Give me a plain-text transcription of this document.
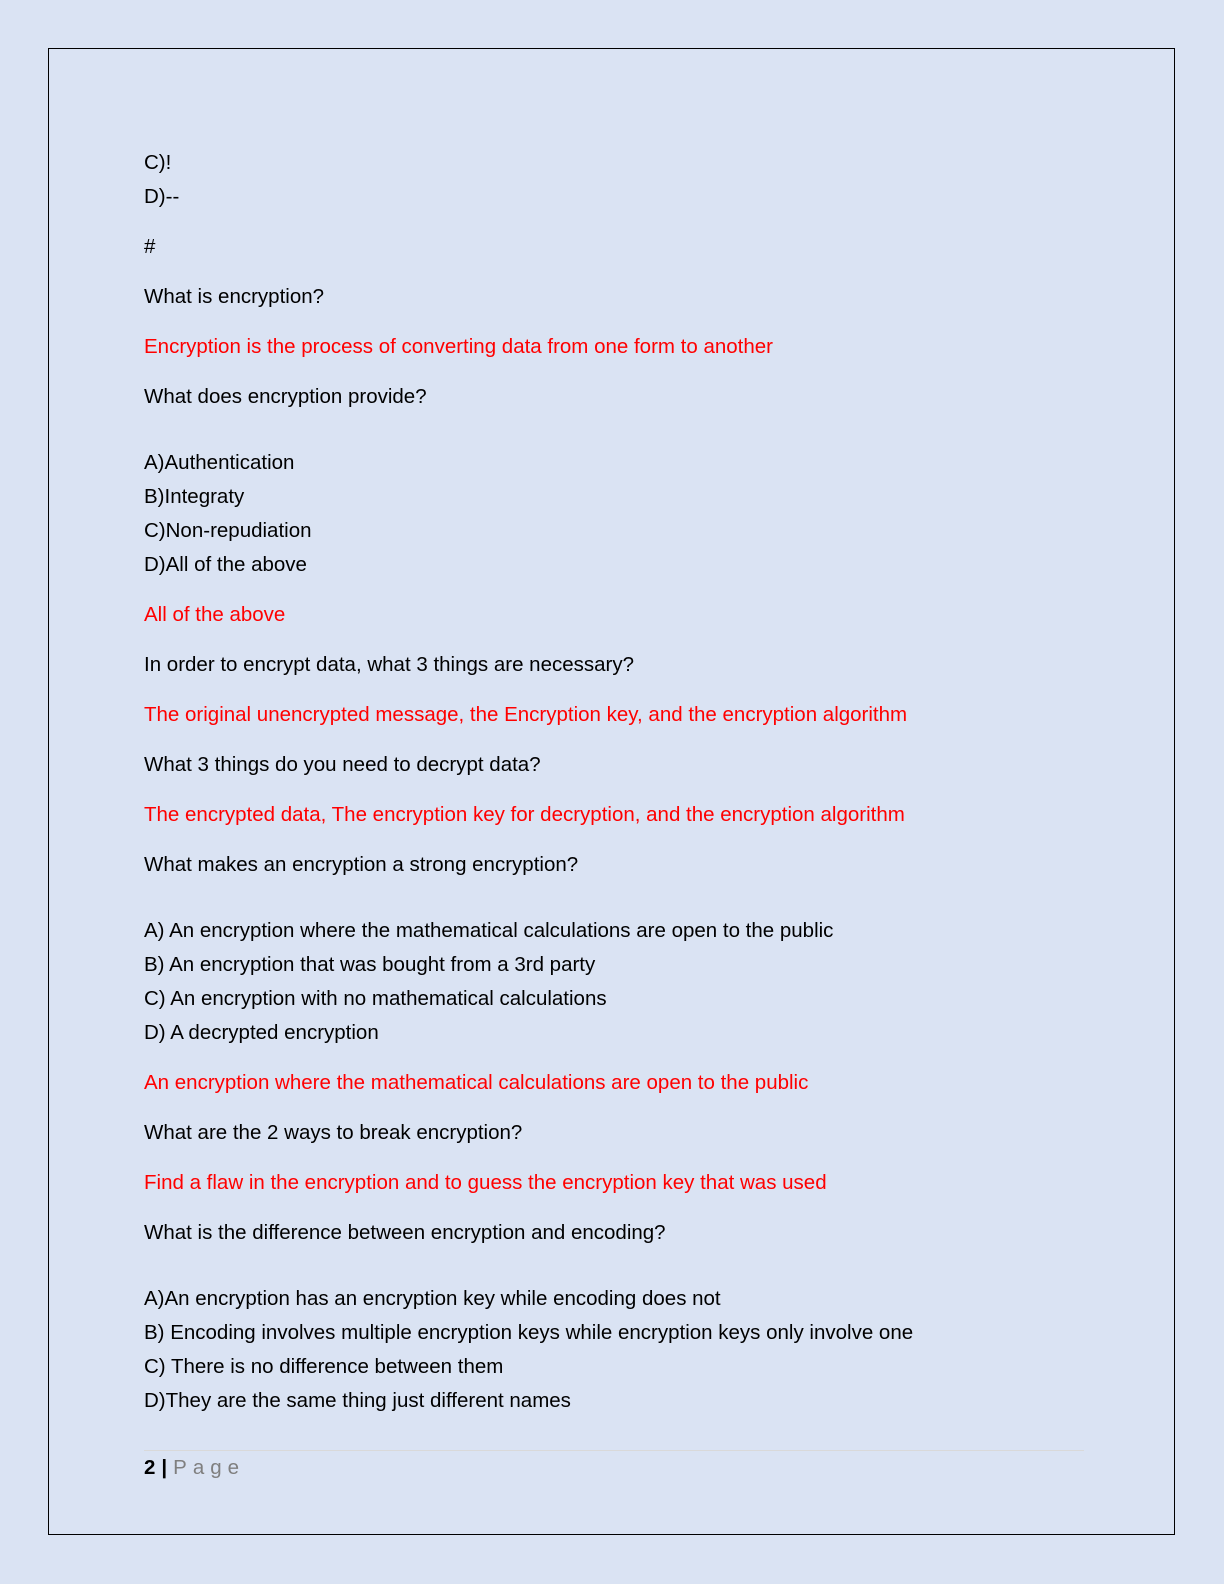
C)!

D)--

#

What is encryption?

Encryption is the process of converting data from one form to another

What does encryption provide?

A)Authentication

B)Integraty

C)Non-repudiation

D)All of the above

All of the above

In order to encrypt data, what 3 things are necessary?

The original unencrypted message, the Encryption key, and the encryption algorithm

What 3 things do you need to decrypt data?

The encrypted data, The encryption key for decryption, and the encryption algorithm

What makes an encryption a strong encryption?

A) An encryption where the mathematical calculations are open to the public

B) An encryption that was bought from a 3rd party

C) An encryption with no mathematical calculations

D) A decrypted encryption

An encryption where the mathematical calculations are open to the public

What are the 2 ways to break encryption?

Find a flaw in the encryption and to guess the encryption key that was used

What is the difference between encryption and encoding?

A)An encryption has an encryption key while encoding does not

B) Encoding involves multiple encryption keys while encryption keys only involve one

C) There is no difference between them

D)They are the same thing just different names

2 | Page
